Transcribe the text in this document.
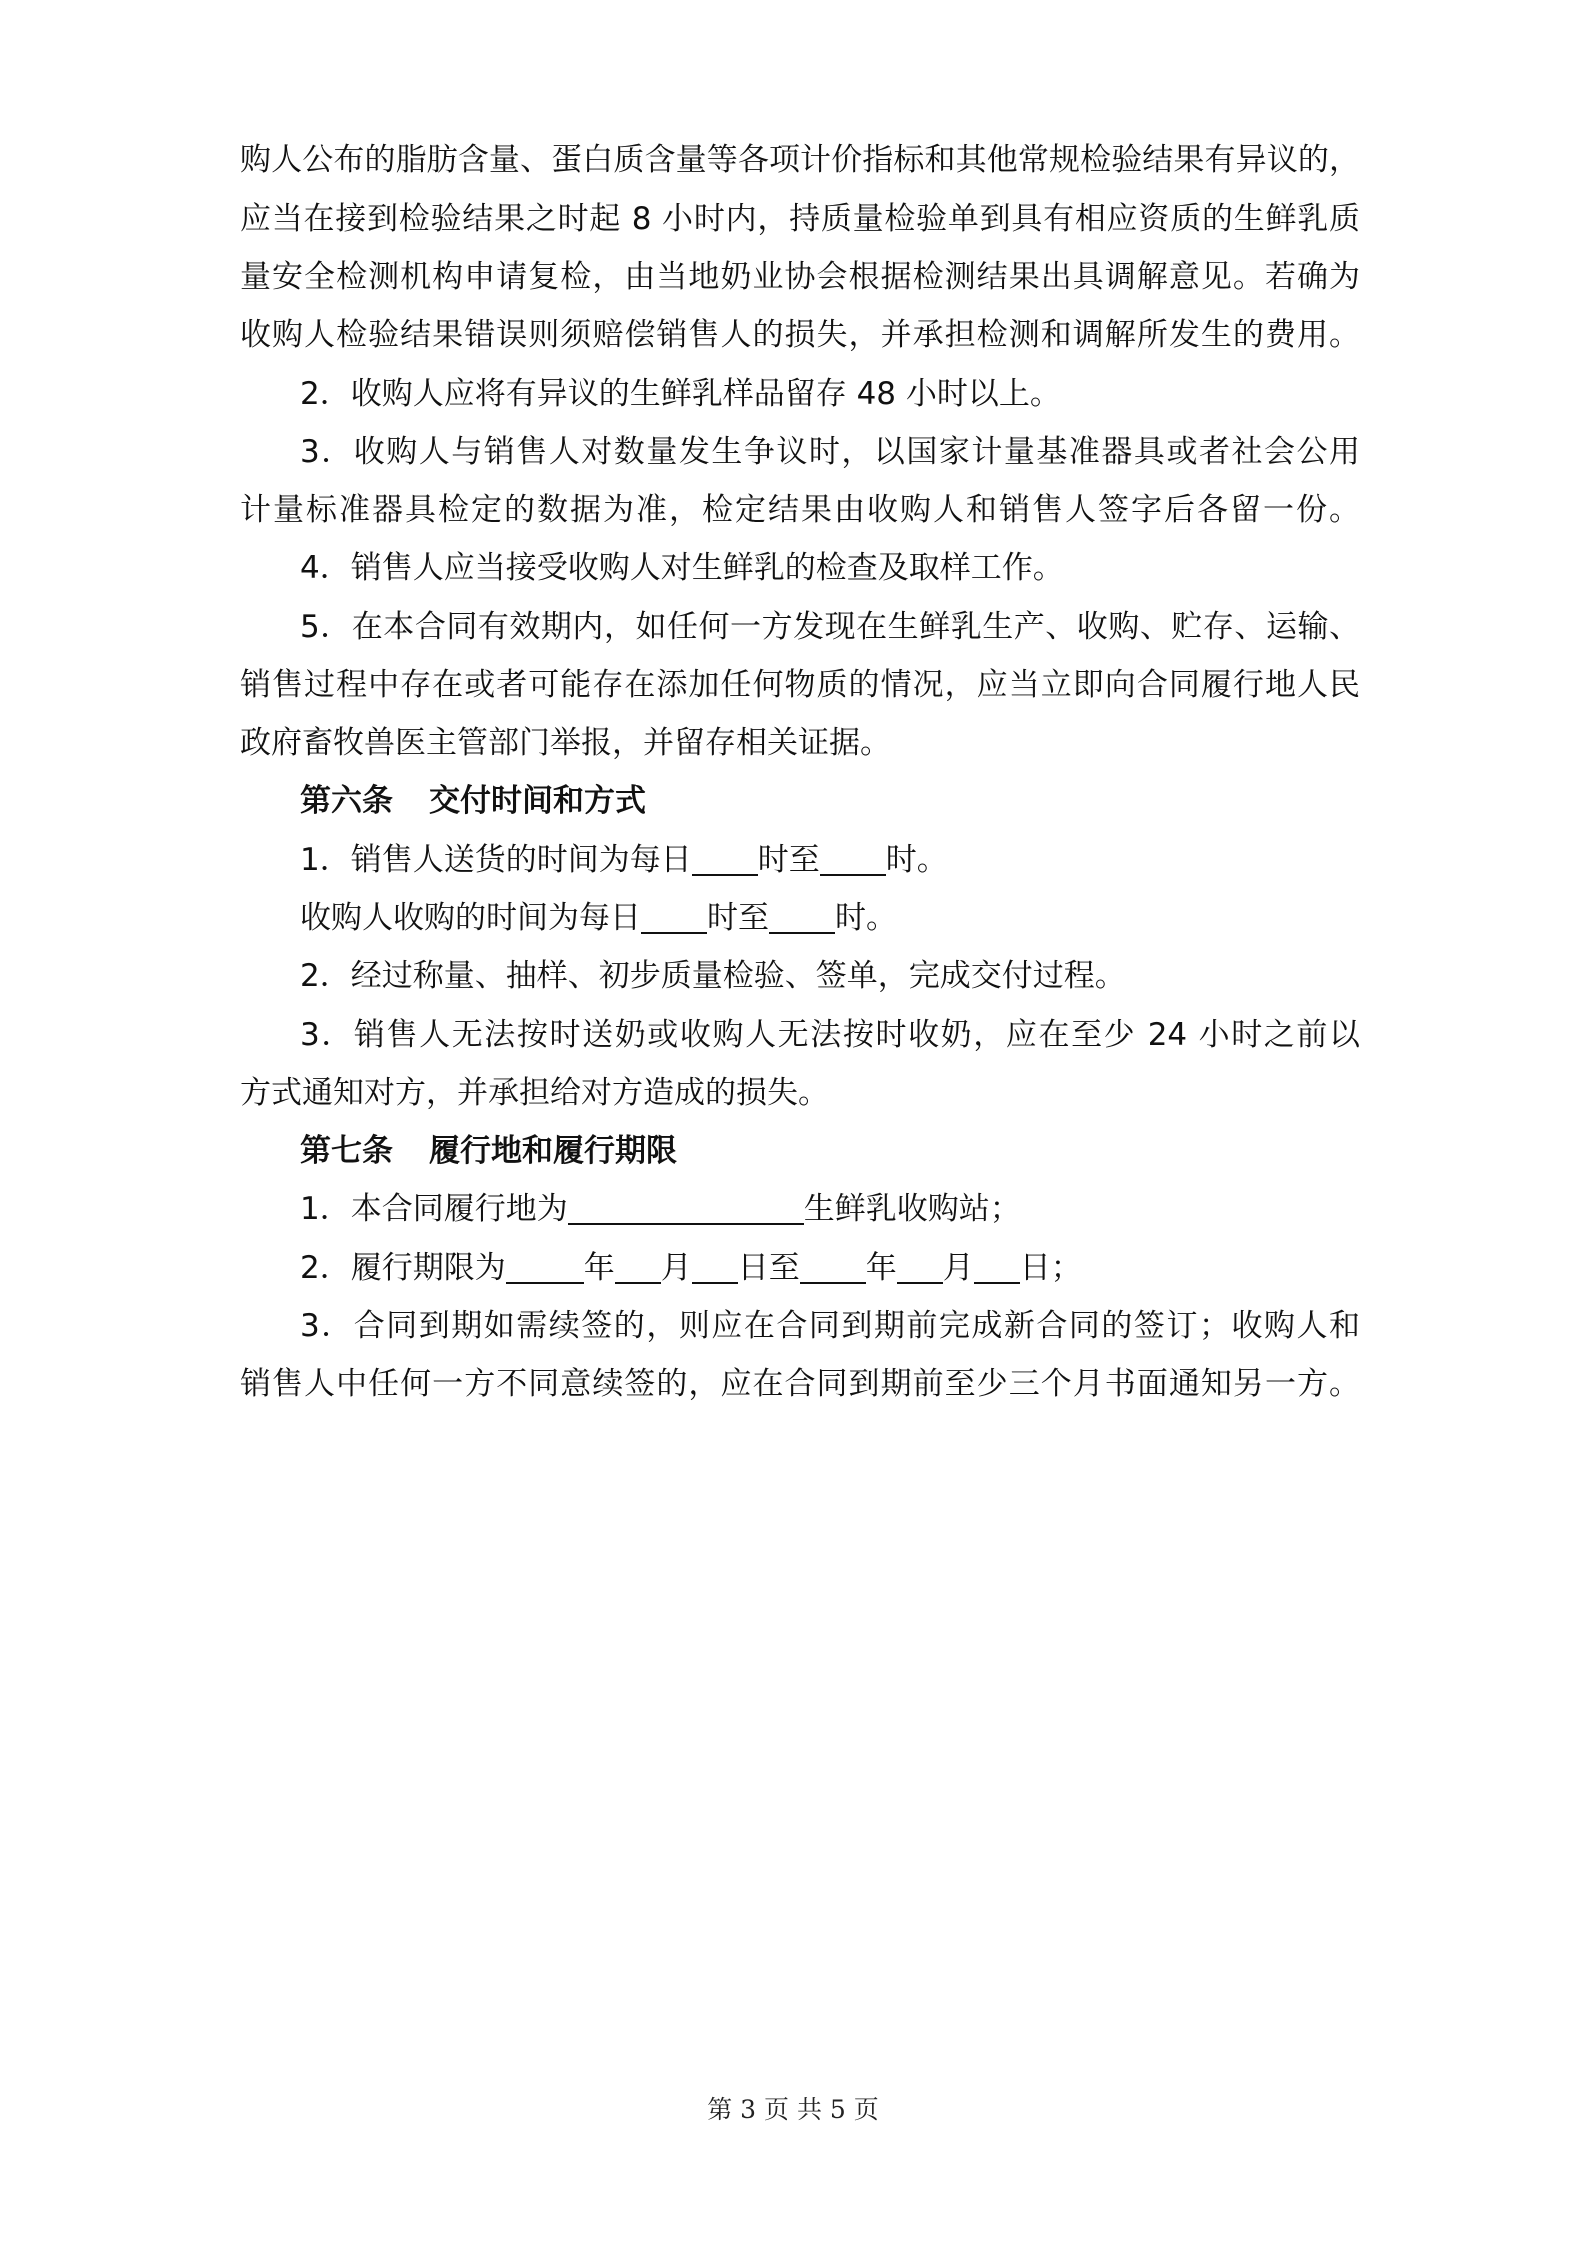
购人公布的脂肪含量、蛋白质含量等各项计价指标和其他常规检验结果有异议的，
应当在接到检验结果之时起 8 小时内，持质量检验单到具有相应资质的生鲜乳质
量安全检测机构申请复检，由当地奶业协会根据检测结果出具调解意见。若确为
收购人检验结果错误则须赔偿销售人的损失，并承担检测和调解所发生的费用。
2．收购人应将有异议的生鲜乳样品留存 48 小时以上。
3．收购人与销售人对数量发生争议时，以国家计量基准器具或者社会公用
计量标准器具检定的数据为准，检定结果由收购人和销售人签字后各留一份。
4．销售人应当接受收购人对生鲜乳的检查及取样工作。
5．在本合同有效期内，如任何一方发现在生鲜乳生产、收购、贮存、运输、
销售过程中存在或者可能存在添加任何物质的情况，应当立即向合同履行地人民
政府畜牧兽医主管部门举报，并留存相关证据。
第六条 交付时间和方式
1．销售人送货的时间为每日 时至 时。
收购人收购的时间为每日 时至 时。
2．经过称量、抽样、初步质量检验、签单，完成交付过程。
3．销售人无法按时送奶或收购人无法按时收奶，应在至少 24 小时之前以
方式通知对方，并承担给对方造成的损失。
第七条 履行地和履行期限
1．本合同履行地为	生鲜乳收购站；
2．履行期限为	年 月 日至 年 月 日；
3．合同到期如需续签的，则应在合同到期前完成新合同的签订；收购人和
销售人中任何一方不同意续签的，应在合同到期前至少三个月书面通知另一方。
第 3 页 共 5 页
